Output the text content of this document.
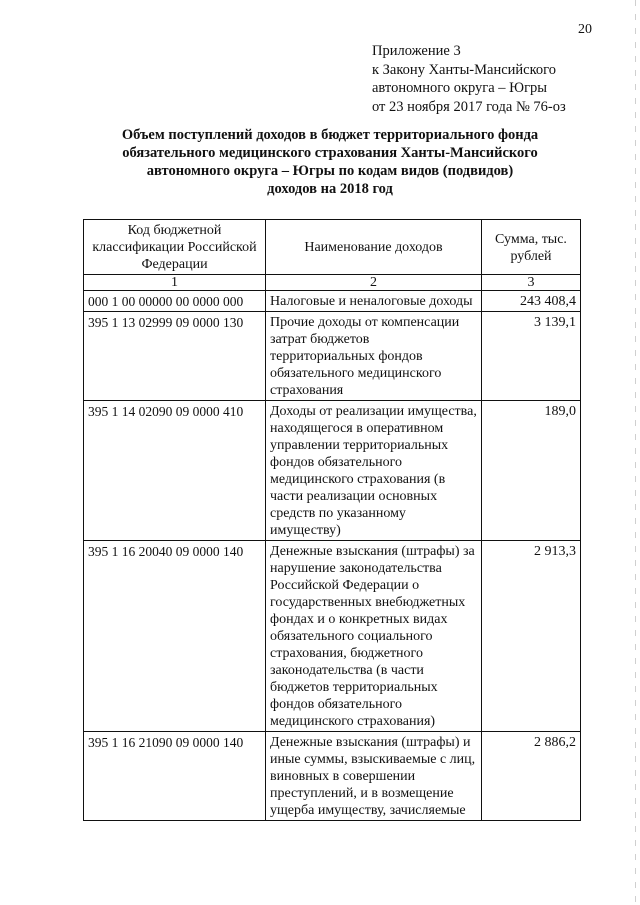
20
Приложение 3
к Закону Ханты-Мансийского
автономного округа – Югры
от 23 ноября 2017 года № 76-оз
Объем поступлений доходов в бюджет территориального фонда
обязательного медицинского страхования Ханты-Мансийского
автономного округа – Югры по кодам видов (подвидов)
доходов на 2018 год
Код бюджетной классификации Российской Федерации	Наименование доходов	Сумма, тыс. рублей
1	2	3
000 1 00 00000 00 0000 000	Налоговые и неналоговые доходы	243 408,4
395 1 13 02999 09 0000 130	Прочие доходы от компенсации затрат бюджетов территориальных фондов обязательного медицинского страхования	3 139,1
395 1 14 02090 09 0000 410	Доходы от реализации имущества, находящегося в оперативном управлении территориальных фондов обязательного медицинского страхования (в части реализации основных средств по указанному имуществу)	189,0
395 1 16 20040 09 0000 140	Денежные взыскания (штрафы) за нарушение законодательства Российской Федерации о государственных внебюджетных фондах и о конкретных видах обязательного социального страхования, бюджетного законодательства (в части бюджетов территориальных фондов обязательного медицинского страхования)	2 913,3
395 1 16 21090 09 0000 140	Денежные взыскания (штрафы) и иные суммы, взыскиваемые с лиц, виновных в совершении преступлений, и в возмещение ущерба имуществу, зачисляемые	2 886,2
